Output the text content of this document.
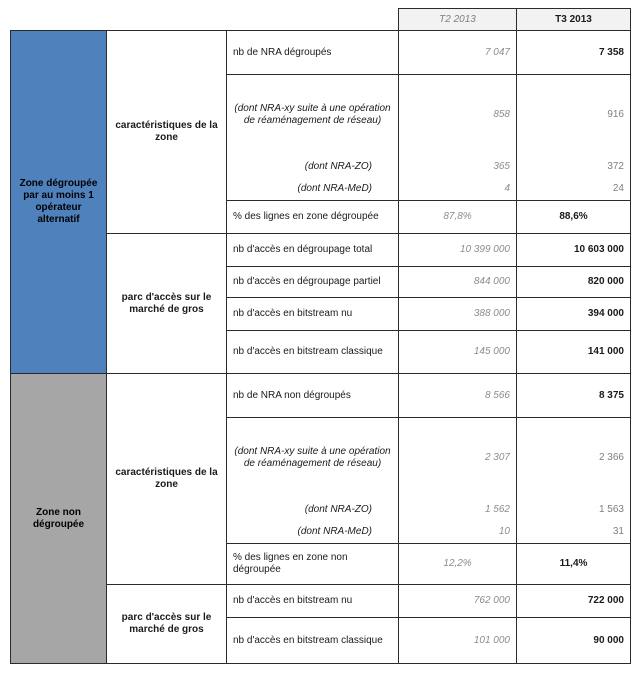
			T2 2013	T3 2013
Zone dégroupée par au moins 1 opérateur alternatif	caractéristiques de la zone	nb de NRA dégroupés	7 047	7 358
		(dont NRA-xy suite à une opération de réaménagement de réseau)	858	916
		(dont NRA-ZO)	365	372
		(dont NRA-MeD)	4	24
		% des lignes en zone dégroupée	87,8%	88,6%
	parc d'accès sur le marché de gros	nb d'accès en dégroupage total	10 399 000	10 603 000
		nb d'accès en dégroupage partiel	844 000	820 000
		nb d'accès en bitstream nu	388 000	394 000
		nb d'accès en bitstream classique	145 000	141 000
Zone non dégroupée	caractéristiques de la zone	nb de NRA non dégroupés	8 566	8 375
		(dont NRA-xy suite à une opération de réaménagement de réseau)	2 307	2 366
		(dont NRA-ZO)	1 562	1 563
		(dont NRA-MeD)	10	31
		% des lignes en zone non dégroupée	12,2%	11,4%
	parc d'accès sur le marché de gros	nb d'accès en bitstream nu	762 000	722 000
		nb d'accès en bitstream classique	101 000	90 000
